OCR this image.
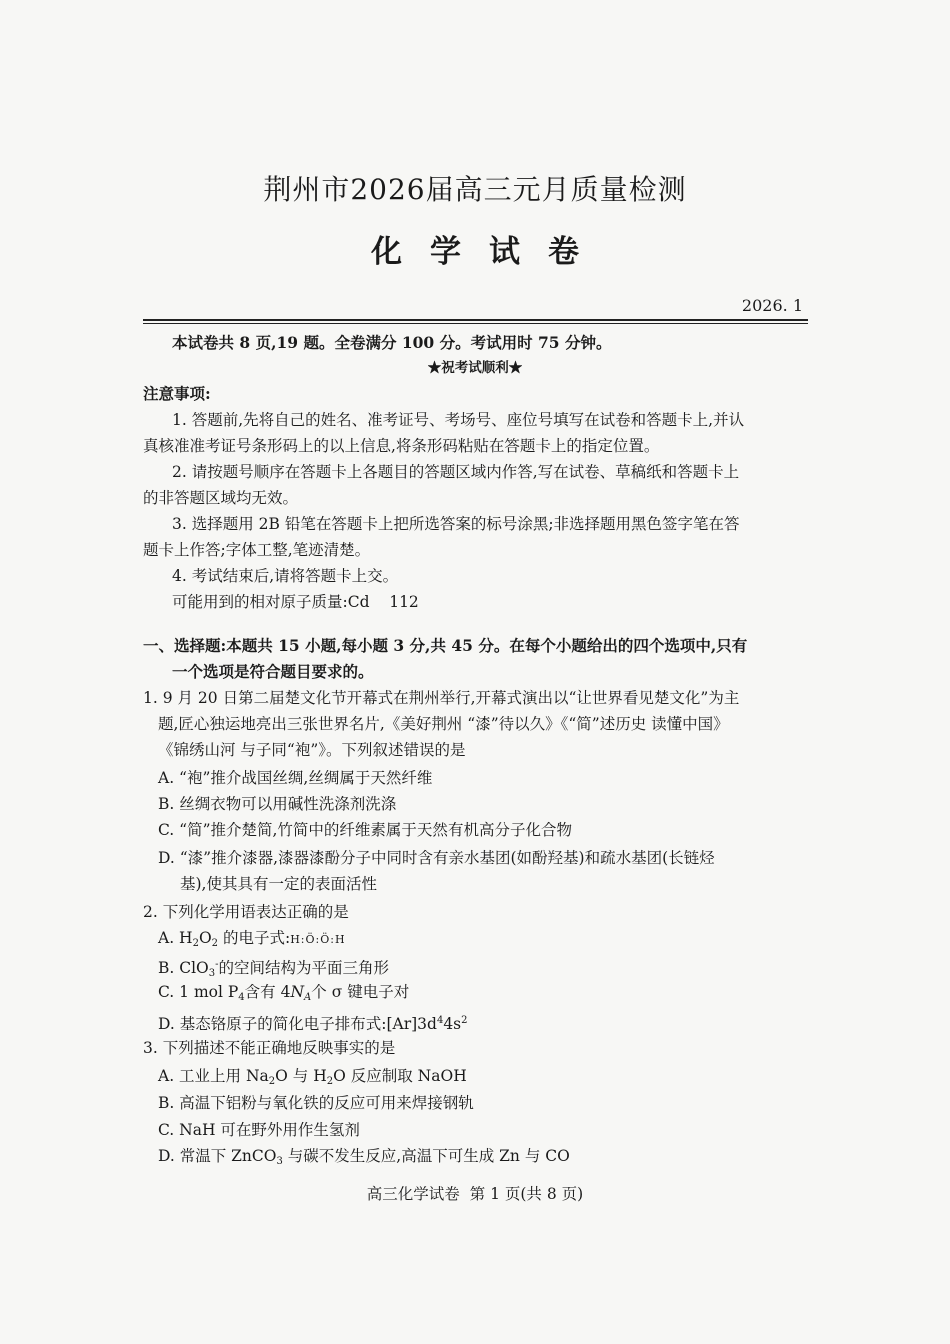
荆州市2026届高三元月质量检测
化学试卷
2026. 1
本试卷共 8 页,19 题。全卷满分 100 分。考试用时 75 分钟。
★祝考试顺利★
注意事项:
1. 答题前,先将自己的姓名、准考证号、考场号、座位号填写在试卷和答题卡上,并认
真核准准考证号条形码上的以上信息,将条形码粘贴在答题卡上的指定位置。
2. 请按题号顺序在答题卡上各题目的答题区域内作答,写在试卷、草稿纸和答题卡上
的非答题区域均无效。
3. 选择题用 2B 铅笔在答题卡上把所选答案的标号涂黑;非选择题用黑色签字笔在答
题卡上作答;字体工整,笔迹清楚。
4. 考试结束后,请将答题卡上交。
可能用到的相对原子质量:Cd    112
一、选择题:本题共 15 小题,每小题 3 分,共 45 分。在每个小题给出的四个选项中,只有
一个选项是符合题目要求的。
1. 9 月 20 日第二届楚文化节开幕式在荆州举行,开幕式演出以“让世界看见楚文化”为主
题,匠心独运地亮出三张世界名片,《美好荆州 “漆”待以久》《“简”述历史 读懂中国》
《锦绣山河 与子同“袍”》。下列叙述错误的是
A. “袍”推介战国丝绸,丝绸属于天然纤维
B. 丝绸衣物可以用碱性洗涤剂洗涤
C. “简”推介楚简,竹简中的纤维素属于天然有机高分子化合物
D. “漆”推介漆器,漆器漆酚分子中同时含有亲水基团(如酚羟基)和疏水基团(长链烃
基),使其具有一定的表面活性
2. 下列化学用语表达正确的是
A. $H_2O_2$ 的电子式:H:Ö:Ö:H
B. ClO$_3$-的空间结构为平面三角形
C. 1 mol $P_4$含有 $4N_A$个 σ 键电子对
D. 基态铬原子的简化电子排布式$:[Ar]3d^44s^2$
3. 下列描述不能正确地反映事实的是
A. 工业上用 $Na_2O$ 与 $H_2O$ 反应制取 NaOH
B. 高温下铝粉与氧化铁的反应可用来焊接钢轨
C. NaH 可在野外用作生氢剂
D. 常温下 ZnCO$_3$ 与碳不发生反应,高温下可生成 Zn 与 CO
高三化学试卷  第 1 页(共 8 页)
